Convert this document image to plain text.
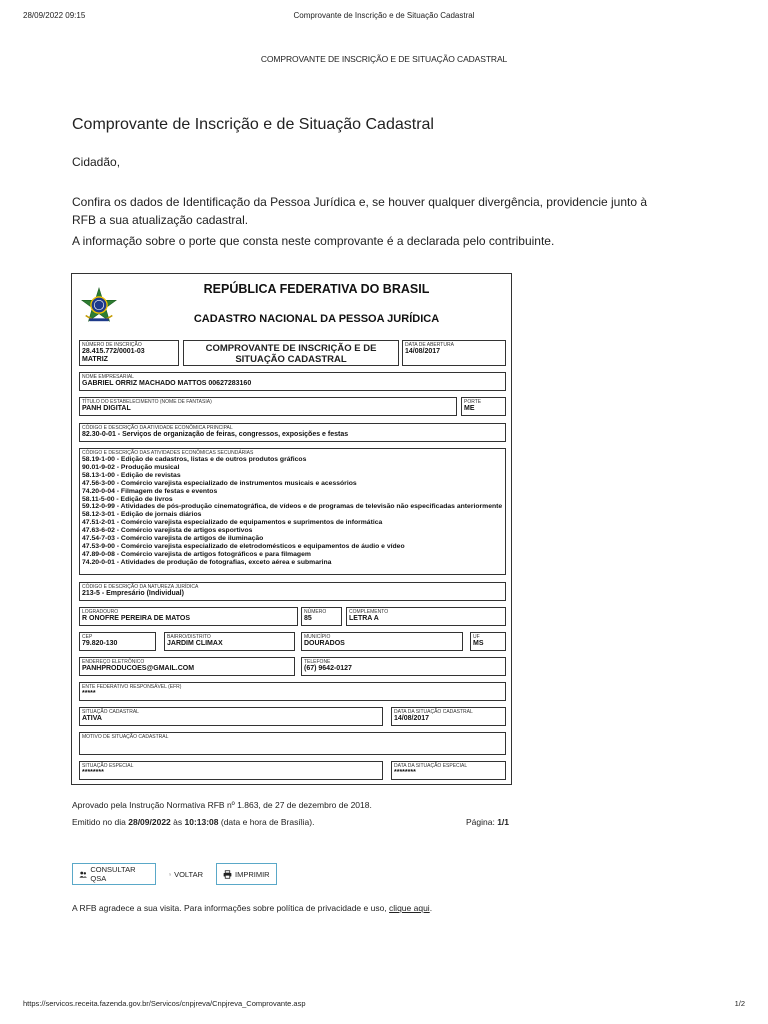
28/09/2022 09:15	Comprovante de Inscrição e de Situação Cadastral
COMPROVANTE DE INSCRIÇÃO E DE SITUAÇÃO CADASTRAL
Comprovante de Inscrição e de Situação Cadastral
Cidadão,
Confira os dados de Identificação da Pessoa Jurídica e, se houver qualquer divergência, providencie junto à RFB a sua atualização cadastral.
A informação sobre o porte que consta neste comprovante é a declarada pelo contribuinte.
REPÚBLICA FEDERATIVA DO BRASIL
CADASTRO NACIONAL DA PESSOA JURÍDICA
NÚMERO DE INSCRIÇÃO
28.415.772/0001-03
MATRIZ
COMPROVANTE DE INSCRIÇÃO E DE SITUAÇÃO CADASTRAL
DATA DE ABERTURA
14/08/2017
NOME EMPRESARIAL
GABRIEL ORRIZ MACHADO MATTOS 00627283160
TÍTULO DO ESTABELECIMENTO (NOME DE FANTASIA)
PANH DIGITAL
PORTE
ME
CÓDIGO E DESCRIÇÃO DA ATIVIDADE ECONÔMICA PRINCIPAL
82.30-0-01 - Serviços de organização de feiras, congressos, exposições e festas
CÓDIGO E DESCRIÇÃO DAS ATIVIDADES ECONÔMICAS SECUNDÁRIAS
58.19-1-00 - Edição de cadastros, listas e de outros produtos gráficos
90.01-9-02 - Produção musical
58.13-1-00 - Edição de revistas
47.56-3-00 - Comércio varejista especializado de instrumentos musicais e acessórios
74.20-0-04 - Filmagem de festas e eventos
58.11-5-00 - Edição de livros
59.12-0-99 - Atividades de pós-produção cinematográfica, de vídeos e de programas de televisão não especificadas anteriormente
58.12-3-01 - Edição de jornais diários
47.51-2-01 - Comércio varejista especializado de equipamentos e suprimentos de informática
47.63-6-02 - Comércio varejista de artigos esportivos
47.54-7-03 - Comércio varejista de artigos de iluminação
47.53-9-00 - Comércio varejista especializado de eletrodomésticos e equipamentos de áudio e vídeo
47.89-0-08 - Comércio varejista de artigos fotográficos e para filmagem
74.20-0-01 - Atividades de produção de fotografias, exceto aérea e submarina
CÓDIGO E DESCRIÇÃO DA NATUREZA JURÍDICA
213-5 - Empresário (Individual)
LOGRADOURO
R ONOFRE PEREIRA DE MATOS
NÚMERO
85
COMPLEMENTO
LETRA A
CEP
79.820-130
BAIRRO/DISTRITO
JARDIM CLIMAX
MUNICÍPIO
DOURADOS
UF
MS
ENDEREÇO ELETRÔNICO
PANHPRODUCOES@GMAIL.COM
TELEFONE
(67) 9642-0127
ENTE FEDERATIVO RESPONSÁVEL (EFR)
*****
SITUAÇÃO CADASTRAL
ATIVA
DATA DA SITUAÇÃO CADASTRAL
14/08/2017
MOTIVO DE SITUAÇÃO CADASTRAL
SITUAÇÃO ESPECIAL
********
DATA DA SITUAÇÃO ESPECIAL
********
Aprovado pela Instrução Normativa RFB nº 1.863, de 27 de dezembro de 2018.
Emitido no dia 28/09/2022 às 10:13:08 (data e hora de Brasília).	Página: 1/1
CONSULTAR QSA	VOLTAR	IMPRIMIR
A RFB agradece a sua visita. Para informações sobre política de privacidade e uso, clique aqui.
https://servicos.receita.fazenda.gov.br/Servicos/cnpjreva/Cnpjreva_Comprovante.asp	1/2
